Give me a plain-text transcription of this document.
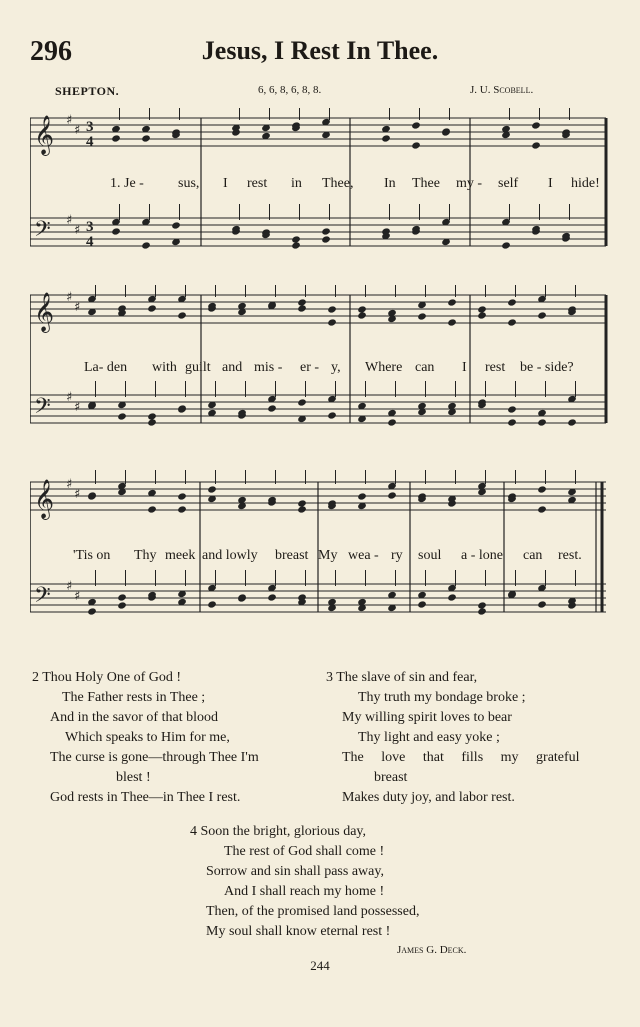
296	Jesus, I Rest In Thee.
SHEPTON.	6, 6, 8, 6, 8, 8.	J. U. Scobell.
𝄞 ♯
♯ 3
4
𝄢 ♯
♯ 3
4
1. Je - sus, I rest in Thee, In Thee my - self I hide!
𝄞 ♯
♯
𝄢 ♯
♯
La- den with guilt and mis - er - y, Where can I rest be - side?
𝄞 ♯
♯
𝄢 ♯
♯
'Tis on Thy meek and lowly breast My wea - ry soul a - lone can rest.
2 Thou Holy One of God !
The Father rests in Thee ;
And in the savor of that blood
Which speaks to Him for me,
The curse is gone—through Thee I'm
blest !
God rests in Thee—in Thee I rest.
3 The slave of sin and fear,
Thy truth my bondage broke ;
My willing spirit loves to bear
Thy light and easy yoke ;
The love that fills my grateful
breast
Makes duty joy, and labor rest.
4 Soon the bright, glorious day,
The rest of God shall come !
Sorrow and sin shall pass away,
And I shall reach my home !
Then, of the promised land possessed,
My soul shall know eternal rest !
James G. Deck.
244
